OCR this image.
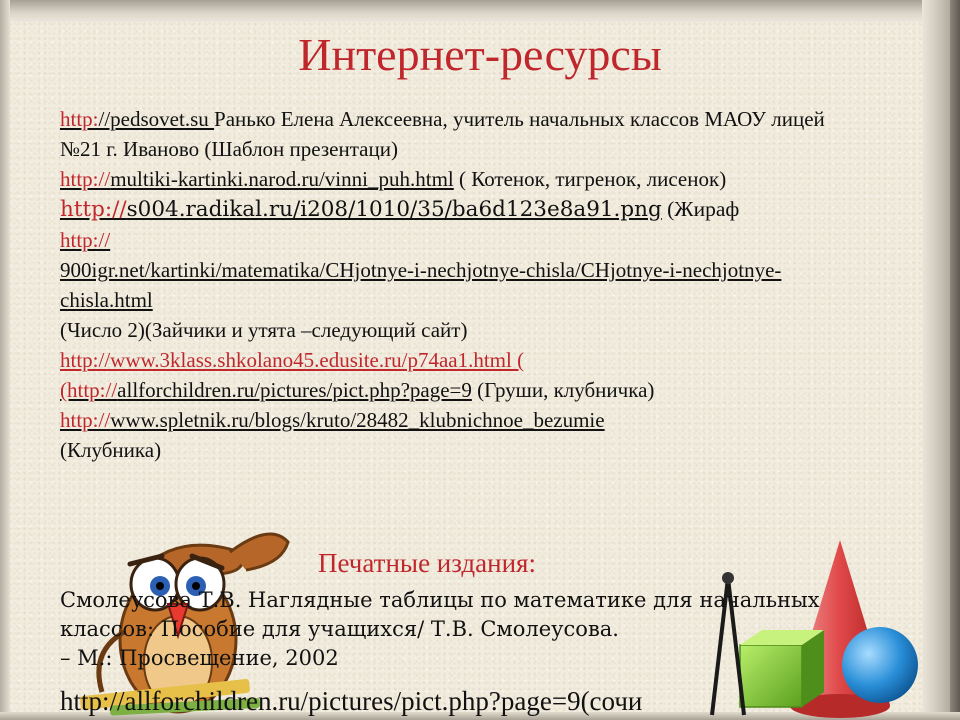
Интернет-ресурсы

http://pedsovet.su Ранько Елена Алексеевна, учитель начальных классов МАОУ лицей №21 г. Иваново (Шаблон презентаци)

http://multiki-kartinki.narod.ru/vinni_puh.html ( Котенок, тигренок, лисенок)

http://s004.radikal.ru/i208/1010/35/ba6d123e8a91.png (Жираф

http://
900igr.net/kartinki/matematika/CHjotnye-i-nechjotnye-chisla/CHjotnye-i-nechjotnye-chisla.html

(Число 2)(Зайчики и утята –следующий сайт)

http://www.3klass.shkolano45.edusite.ru/p74aa1.html (

(http://allforchildren.ru/pictures/pict.php?page=9 (Груши, клубничка)

http://www.spletnik.ru/blogs/kruto/28482_klubnichnoe_bezumie
(Клубника)

Печатные издания:

Смолеусова Т.В. Наглядные таблицы по математике для начальных классов: Пособие для учащихся/ Т.В. Смолеусова.

– М.: Просвещение, 2002

http://allforchildren.ru/pictures/pict.php?page=9(сочи
